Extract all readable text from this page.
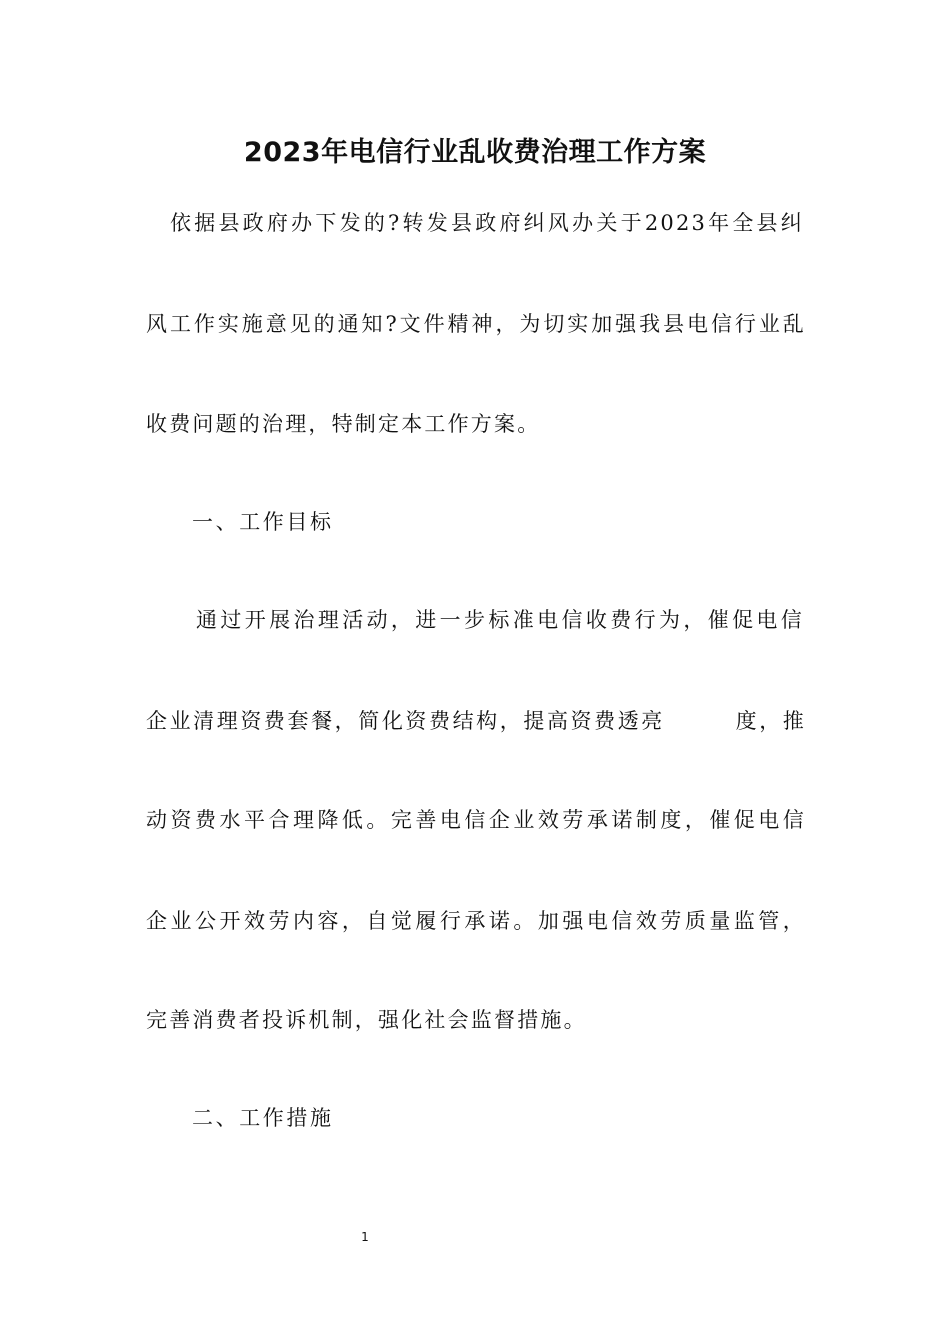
2023年电信行业乱收费治理工作方案
依据县政府办下发的?转发县政府纠风办关于2023年全县纠
风工作实施意见的通知?文件精神，为切实加强我县电信行业乱
收费问题的治理，特制定本工作方案。
一、工作目标
通过开展治理活动，进一步标准电信收费行为，催促电信
企业清理资费套餐，简化资费结构，提高资费透亮　　　度，推
动资费水平合理降低。完善电信企业效劳承诺制度，催促电信
企业公开效劳内容，自觉履行承诺。加强电信效劳质量监管，
完善消费者投诉机制，强化社会监督措施。
二、工作措施
1
